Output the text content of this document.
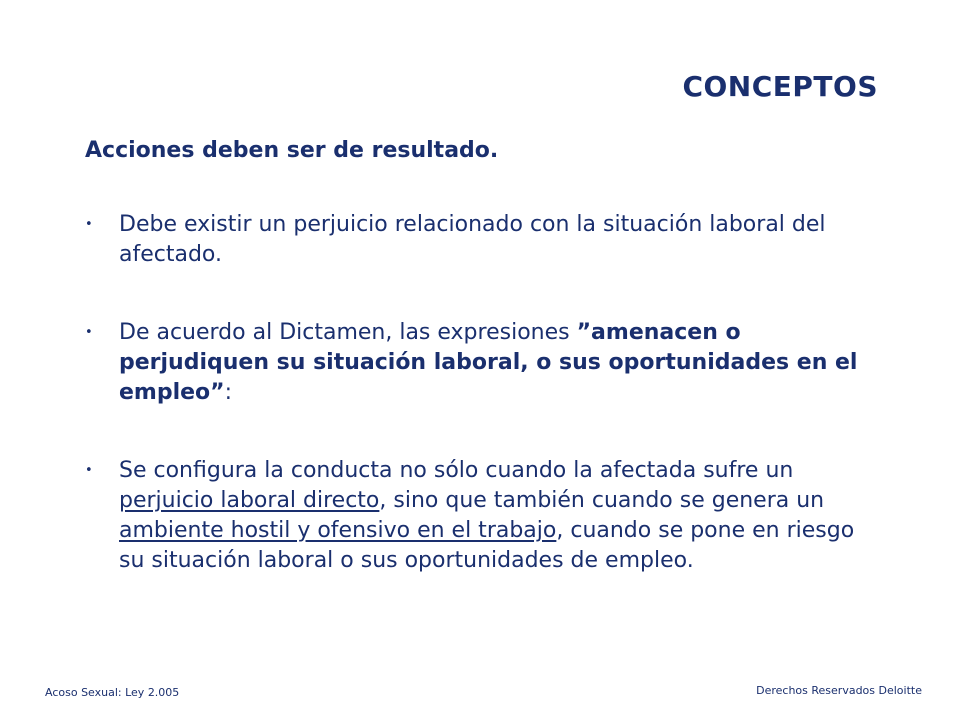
CONCEPTOS
Acciones deben ser de resultado.
• Debe existir un perjuicio relacionado con la situación laboral del afectado.
• De acuerdo al Dictamen, las expresiones ”amenacen o perjudiquen su situación laboral, o sus oportunidades en el empleo”:
• Se configura la conducta no sólo cuando la afectada sufre un perjuicio laboral directo, sino que también cuando se genera un ambiente hostil y ofensivo en el trabajo, cuando se pone en riesgo su situación laboral o sus oportunidades de empleo.
Acoso Sexual: Ley 2.005	Derechos Reservados Deloitte
